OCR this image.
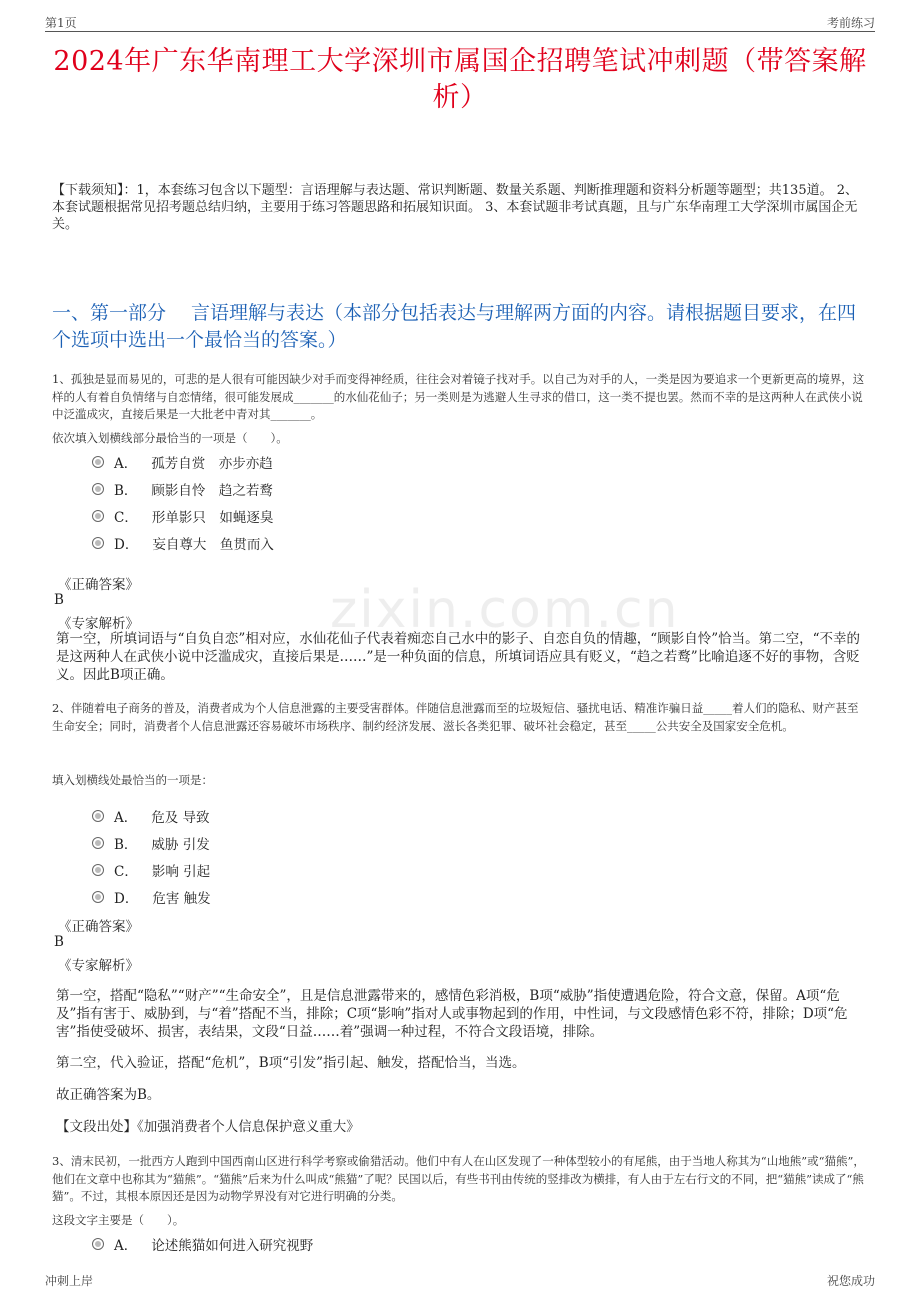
第1页	考前练习
2024年广东华南理工大学深圳市属国企招聘笔试冲刺题（带答案解析）
【下载须知】：1，本套练习包含以下题型：言语理解与表达题、常识判断题、数量关系题、判断推理题和资料分析题等题型；共135道。 2、本套试题根据常见招考题总结归纳，主要用于练习答题思路和拓展知识面。 3、本套试题非考试真题，且与广东华南理工大学深圳市属国企无关。
一、第一部分　 言语理解与表达（本部分包括表达与理解两方面的内容。请根据题目要求，在四个选项中选出一个最恰当的答案。）
1、孤独是显而易见的，可悲的是人很有可能因缺少对手而变得神经质，往往会对着镜子找对手。以自己为对手的人，一类是因为要追求一个更新更高的境界，这样的人有着自负情绪与自恋情绪，很可能发展成_______的水仙花仙子；另一类则是为逃避人生寻求的借口，这一类不提也罢。然而不幸的是这两种人在武侠小说中泛滥成灾，直接后果是一大批老中青对其_______。
依次填入划横线部分最恰当的一项是（　　）。
A． 孤芳自赏　亦步亦趋
B． 顾影自怜　趋之若鹜
C． 形单影只　如蝇逐臭
D． 妄自尊大　鱼贯而入
《正确答案》
B
《专家解析》
第一空，所填词语与“自负自恋”相对应，水仙花仙子代表着痴恋自己水中的影子、自恋自负的情趣，“顾影自怜”恰当。第二空，“不幸的是这两种人在武侠小说中泛滥成灾，直接后果是……”是一种负面的信息，所填词语应具有贬义，“趋之若鹜”比喻追逐不好的事物，含贬义。因此B项正确。
2、伴随着电子商务的普及，消费者成为个人信息泄露的主要受害群体。伴随信息泄露而至的垃圾短信、骚扰电话、精准诈骗日益_____着人们的隐私、财产甚至生命安全；同时，消费者个人信息泄露还容易破坏市场秩序、制约经济发展、滋长各类犯罪、破坏社会稳定，甚至_____公共安全及国家安全危机。
填入划横线处最恰当的一项是：
A． 危及 导致
B． 威胁 引发
C． 影响 引起
D． 危害 触发
《正确答案》
B
《专家解析》
第一空，搭配“隐私”“财产”“生命安全”，且是信息泄露带来的，感情色彩消极，B项“威胁”指使遭遇危险，符合文意，保留。A项“危及”指有害于、威胁到，与“着”搭配不当，排除；C项“影响”指对人或事物起到的作用，中性词，与文段感情色彩不符，排除；D项“危害”指使受破坏、损害，表结果，文段“日益……着”强调一种过程，不符合文段语境，排除。
第二空，代入验证，搭配“危机”，B项“引发”指引起、触发，搭配恰当，当选。
故正确答案为B。
【文段出处】《加强消费者个人信息保护意义重大》
3、清末民初，一批西方人跑到中国西南山区进行科学考察或偷猎活动。他们中有人在山区发现了一种体型较小的有尾熊，由于当地人称其为“山地熊”或“猫熊”，他们在文章中也称其为“猫熊”。“猫熊”后来为什么叫成“熊猫”了呢？民国以后，有些书刊由传统的竖排改为横排，有人由于左右行文的不同，把“猫熊”读成了“熊猫”。不过，其根本原因还是因为动物学界没有对它进行明确的分类。
这段文字主要是（　　）。
A． 论述熊猫如何进入研究视野
zixin.com.cn
冲刺上岸	祝您成功
